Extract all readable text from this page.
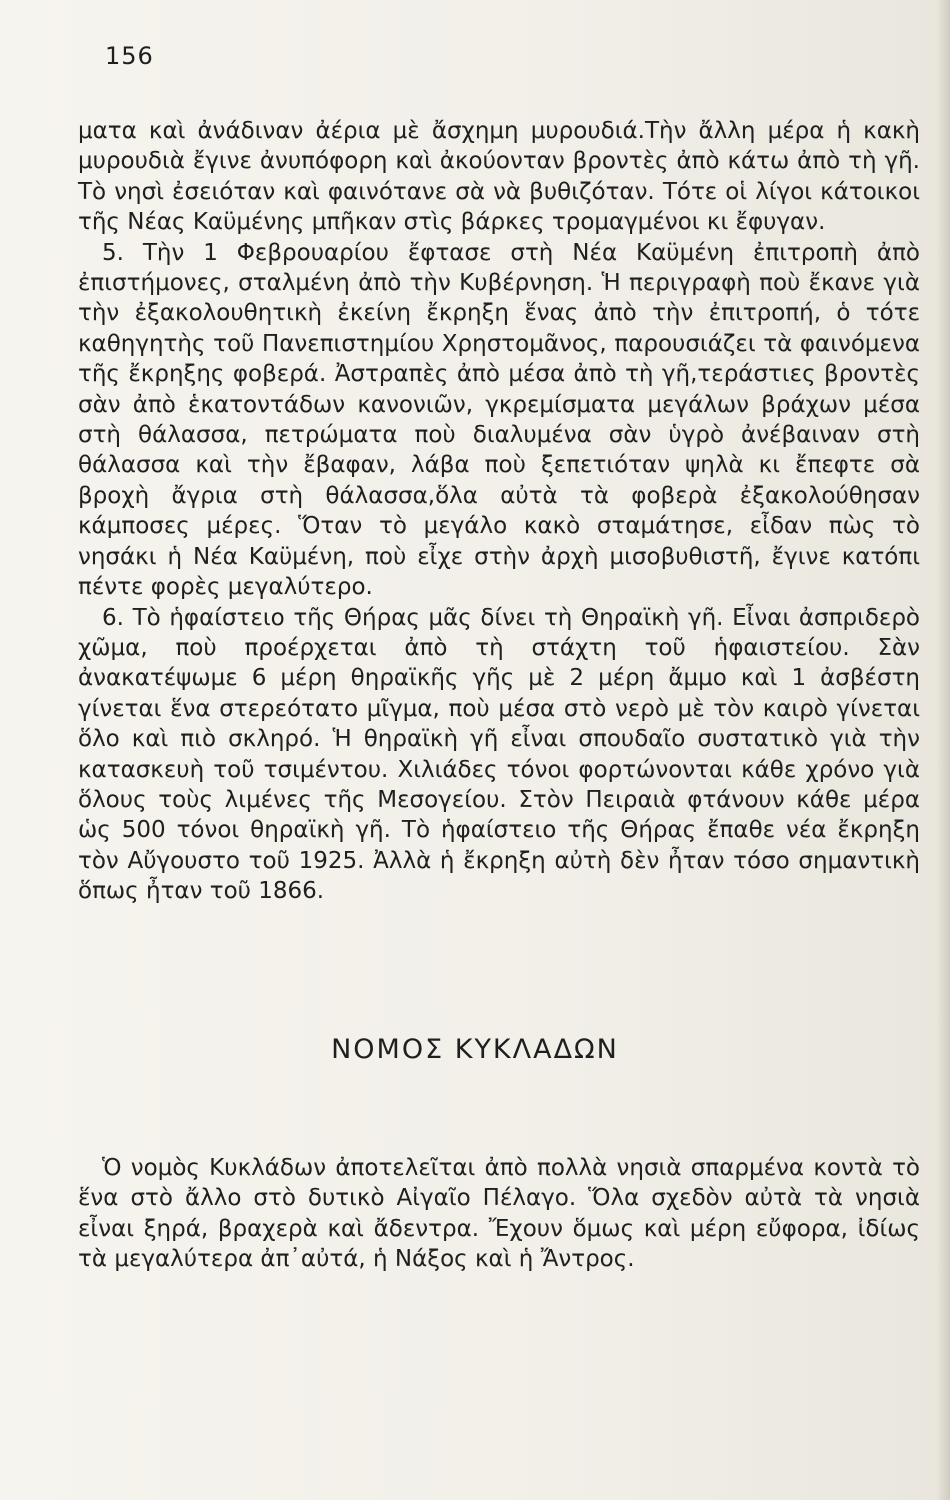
156

ματα καὶ ἀνάδιναν ἀέρια μὲ ἄσχημη μυρουδιά.Τὴν ἄλλη μέρα ἡ κακὴ μυρουδιὰ ἔγινε ἀνυπόφορη καὶ ἀκούονταν βροντὲς ἀπὸ κάτω ἀπὸ τὴ γῆ. Τὸ νησὶ ἐσειόταν καὶ φαινότανε σὰ νὰ βυθιζόταν. Τότε οἱ λίγοι κάτοικοι τῆς Νέας Καϋμένης μπῆκαν στὶς βάρκες τρομαγμένοι κι ἔφυγαν.

5. Τὴν 1 Φεβρουαρίου ἔφτασε στὴ Νέα Καϋμένη ἐπιτροπὴ ἀπὸ ἐπιστήμονες, σταλμένη ἀπὸ τὴν Κυβέρνηση. Ἡ περιγραφὴ ποὺ ἔκανε γιὰ τὴν ἐξακολουθητικὴ ἐκείνη ἔκρηξη ἕνας ἀπὸ τὴν ἐπιτροπή, ὁ τότε καθηγητὴς τοῦ Πανεπιστημίου Χρηστομᾶνος, παρουσιάζει τὰ φαινόμενα τῆς ἔκρηξης φοβερά. Ἀστραπὲς ἀπὸ μέσα ἀπὸ τὴ γῆ,τεράστιες βροντὲς σὰν ἀπὸ ἑκατοντάδων κανονιῶν, γκρεμίσματα μεγάλων βράχων μέσα στὴ θάλασσα, πετρώματα ποὺ διαλυμένα σὰν ὑγρὸ ἀνέβαιναν στὴ θάλασσα καὶ τὴν ἔβαφαν, λάβα ποὺ ξεπετιόταν ψηλὰ κι ἔπεφτε σὰ βροχὴ ἄγρια στὴ θάλασσα,ὅλα αὐτὰ τὰ φοβερὰ ἐξακολούθησαν κάμποσες μέρες. Ὅταν τὸ μεγάλο κακὸ σταμάτησε, εἶδαν πὼς τὸ νησάκι ἡ Νέα Καϋμένη, ποὺ εἶχε στὴν ἀρχὴ μισοβυθιστῆ, ἔγινε κατόπι πέντε φορὲς μεγαλύτερο.

6. Τὸ ἡφαίστειο τῆς Θήρας μᾶς δίνει τὴ Θηραϊκὴ γῆ. Εἶναι ἀσπριδερὸ χῶμα, ποὺ προέρχεται ἀπὸ τὴ στάχτη τοῦ ἡφαιστείου. Σὰν ἀνακατέψωμε 6 μέρη θηραϊκῆς γῆς μὲ 2 μέρη ἄμμο καὶ 1 ἀσβέστη γίνεται ἕνα στερεότατο μῖγμα, ποὺ μέσα στὸ νερὸ μὲ τὸν καιρὸ γίνεται ὅλο καὶ πιὸ σκληρό. Ἡ θηραϊκὴ γῆ εἶναι σπουδαῖο συστατικὸ γιὰ τὴν κατασκευὴ τοῦ τσιμέντου. Χιλιάδες τόνοι φορτώνονται κάθε χρόνο γιὰ ὅλους τοὺς λιμένες τῆς Μεσογείου. Στὸν Πειραιὰ φτάνουν κάθε μέρα ὡς 500 τόνοι θηραϊκὴ γῆ. Τὸ ἡφαίστειο τῆς Θήρας ἔπαθε νέα ἔκρηξη τὸν Αὔγουστο τοῦ 1925. Ἀλλὰ ἡ ἔκρηξη αὐτὴ δὲν ἦταν τόσο σημαντικὴ ὅπως ἦταν τοῦ 1866.

ΝΟΜΟΣ ΚΥΚΛΑΔΩΝ

Ὁ νομὸς Κυκλάδων ἀποτελεῖται ἀπὸ πολλὰ νησιὰ σπαρμένα κοντὰ τὸ ἕνα στὸ ἄλλο στὸ δυτικὸ Αἰγαῖο Πέλαγο. Ὅλα σχεδὸν αὐτὰ τὰ νησιὰ εἶναι ξηρά, βραχερὰ καὶ ἄδεντρα. Ἔχουν ὅμως καὶ μέρη εὔφορα, ἰδίως τὰ μεγαλύτερα ἀπ᾽αὐτά, ἡ Νάξος καὶ ἡ Ἄντρος.
